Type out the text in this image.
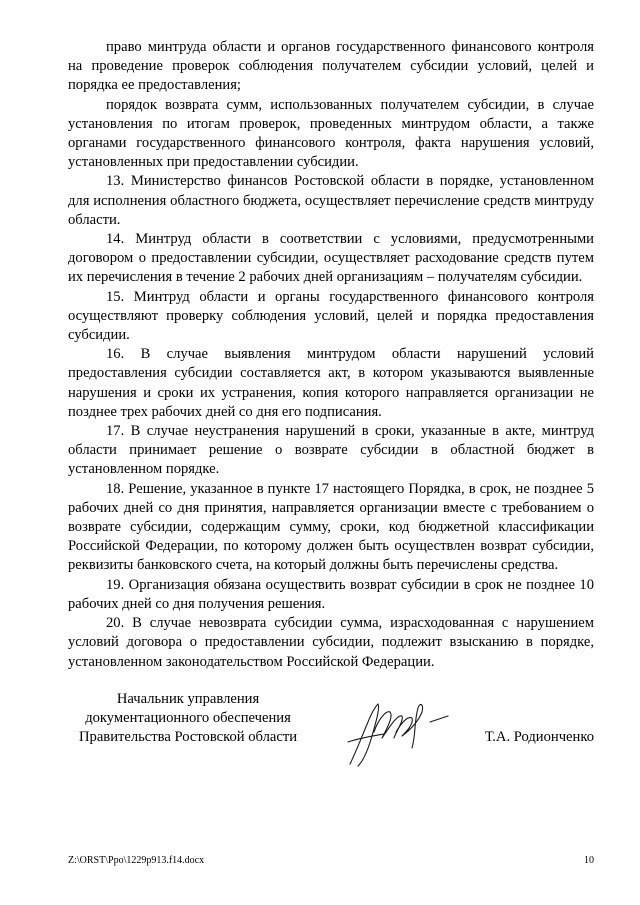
право минтруда области и органов государственного финансового контроля на проведение проверок соблюдения получателем субсидии условий, целей и порядка ее предоставления;

порядок возврата сумм, использованных получателем субсидии, в случае установления по итогам проверок, проведенных минтрудом области, а также органами государственного финансового контроля, факта нарушения условий, установленных при предоставлении субсидии.

13. Министерство финансов Ростовской области в порядке, установленном для исполнения областного бюджета, осуществляет перечисление средств минтруду области.

14. Минтруд области в соответствии с условиями, предусмотренными договором о предоставлении субсидии, осуществляет расходование средств путем их перечисления в течение 2 рабочих дней организациям – получателям субсидии.

15. Минтруд области и органы государственного финансового контроля осуществляют проверку соблюдения условий, целей и порядка предоставления субсидии.

16. В случае выявления минтрудом области нарушений условий предоставления субсидии составляется акт, в котором указываются выявленные нарушения и сроки их устранения, копия которого направляется организации не позднее трех рабочих дней со дня его подписания.

17. В случае неустранения нарушений в сроки, указанные в акте, минтруд области принимает решение о возврате субсидии в областной бюджет в установленном порядке.

18. Решение, указанное в пункте 17 настоящего Порядка, в срок, не позднее 5 рабочих дней со дня принятия, направляется организации вместе с требованием о возврате субсидии, содержащим сумму, сроки, код бюджетной классификации Российской Федерации, по которому должен быть осуществлен возврат субсидии, реквизиты банковского счета, на который должны быть перечислены средства.

19. Организация обязана осуществить возврат субсидии в срок не позднее 10 рабочих дней со дня получения решения.

20. В случае невозврата субсидии сумма, израсходованная с нарушением условий договора о предоставлении субсидии, подлежит взысканию в порядке, установленном законодательством Российской Федерации.

Начальник управления
документационного обеспечения
Правительства Ростовской области	Т.А. Родионченко
Z:\ORST\Ppo\1229p913.f14.docx	10
